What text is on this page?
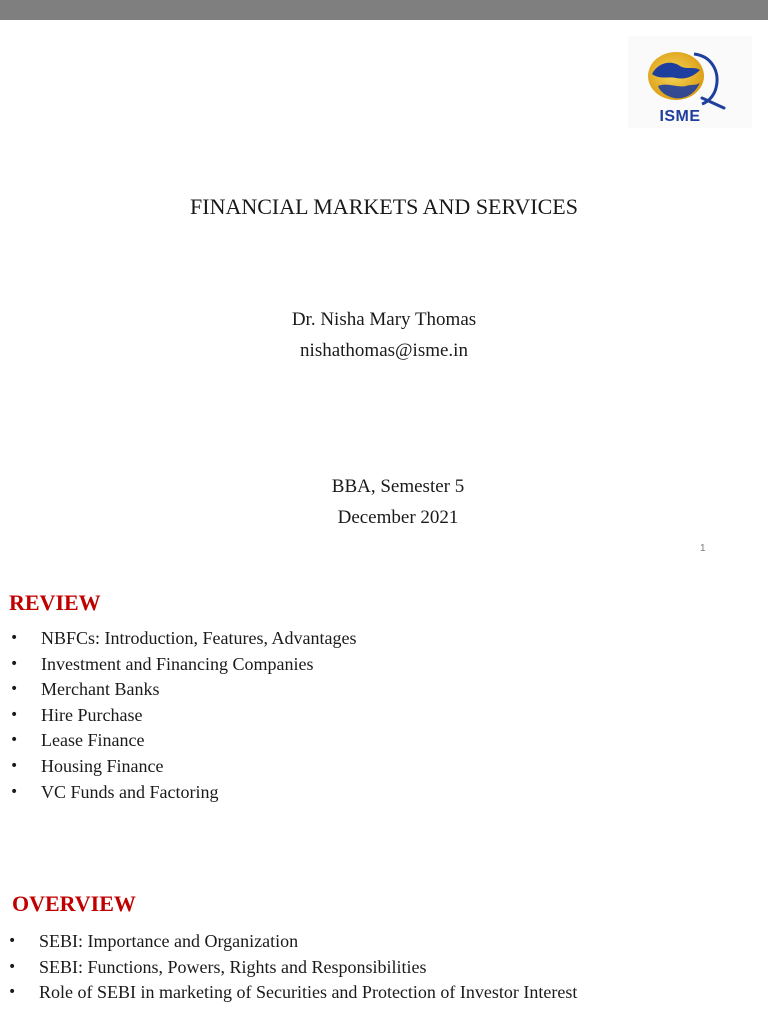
ISME
FINANCIAL MARKETS AND SERVICES
Dr. Nisha Mary Thomas
nishathomas@isme.in
BBA, Semester 5
December 2021
1
REVIEW
• NBFCs: Introduction, Features, Advantages
• Investment and Financing Companies
• Merchant Banks
• Hire Purchase
• Lease Finance
• Housing Finance
• VC Funds and Factoring
OVERVIEW
• SEBI: Importance and Organization
• SEBI: Functions, Powers, Rights and Responsibilities
• Role of SEBI in marketing of Securities and Protection of Investor Interest
